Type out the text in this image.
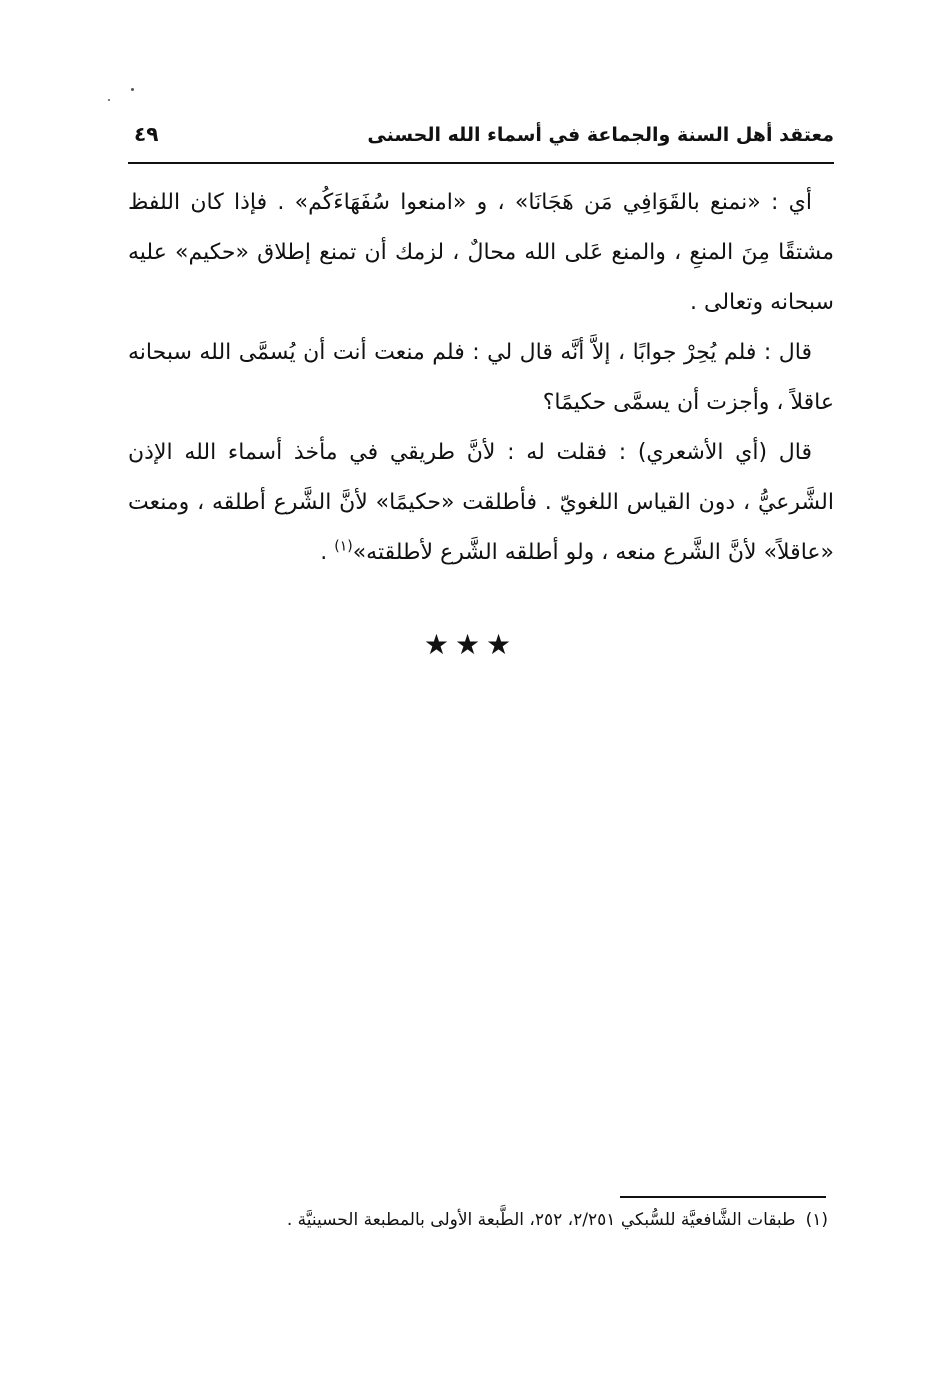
معتقد أهل السنة والجماعة في أسماء الله الحسنى
٤٩

أي : «نمنع بالقَوَافِي مَن هَجَانَا» ، و «امنعوا سُفَهَاءَكُم» . فإذا كان اللفظ مشتقًا مِنَ المنعِ ، والمنع عَلى الله محالٌ ، لزمك أن تمنع إطلاق «حكيم» عليه سبحانه وتعالى .

قال : فلم يُحِرْ جوابًا ، إلاَّ أنَّه قال لي : فلم منعت أنت أن يُسمَّى الله سبحانه عاقلاً ، وأجزت أن يسمَّى حكيمًا؟

قال (أي الأشعري) : فقلت له : لأنَّ طريقي في مأخذ أسماء الله الإذن الشَّرعيُّ ، دون القياس اللغويّ . فأطلقت «حكيمًا» لأنَّ الشَّرع أطلقه ، ومنعت «عاقلاً» لأنَّ الشَّرع منعه ، ولو أطلقه الشَّرع لأطلقته»$^{(١)}$ .

★★★
(١)طبقات الشَّافعيَّة للسُّبكي ٢/٢٥١، ٢٥٢، الطَّبعة الأولى بالمطبعة الحسينيَّة .
